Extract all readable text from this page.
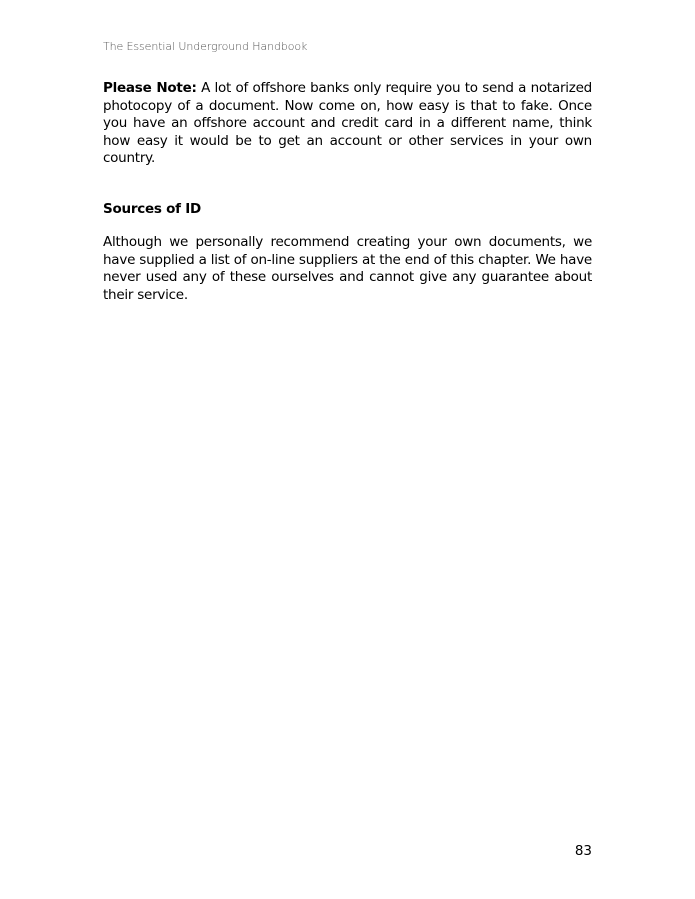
The Essential Underground Handbook

Please Note: A lot of offshore banks only require you to send a notarized photocopy of a document. Now come on, how easy is that to fake. Once you have an offshore account and credit card in a different name, think how easy it would be to get an account or other services in your own country.

Sources of ID

Although we personally recommend creating your own documents, we have supplied a list of on-line suppliers at the end of this chapter. We have never used any of these ourselves and cannot give any guarantee about their service.

83
